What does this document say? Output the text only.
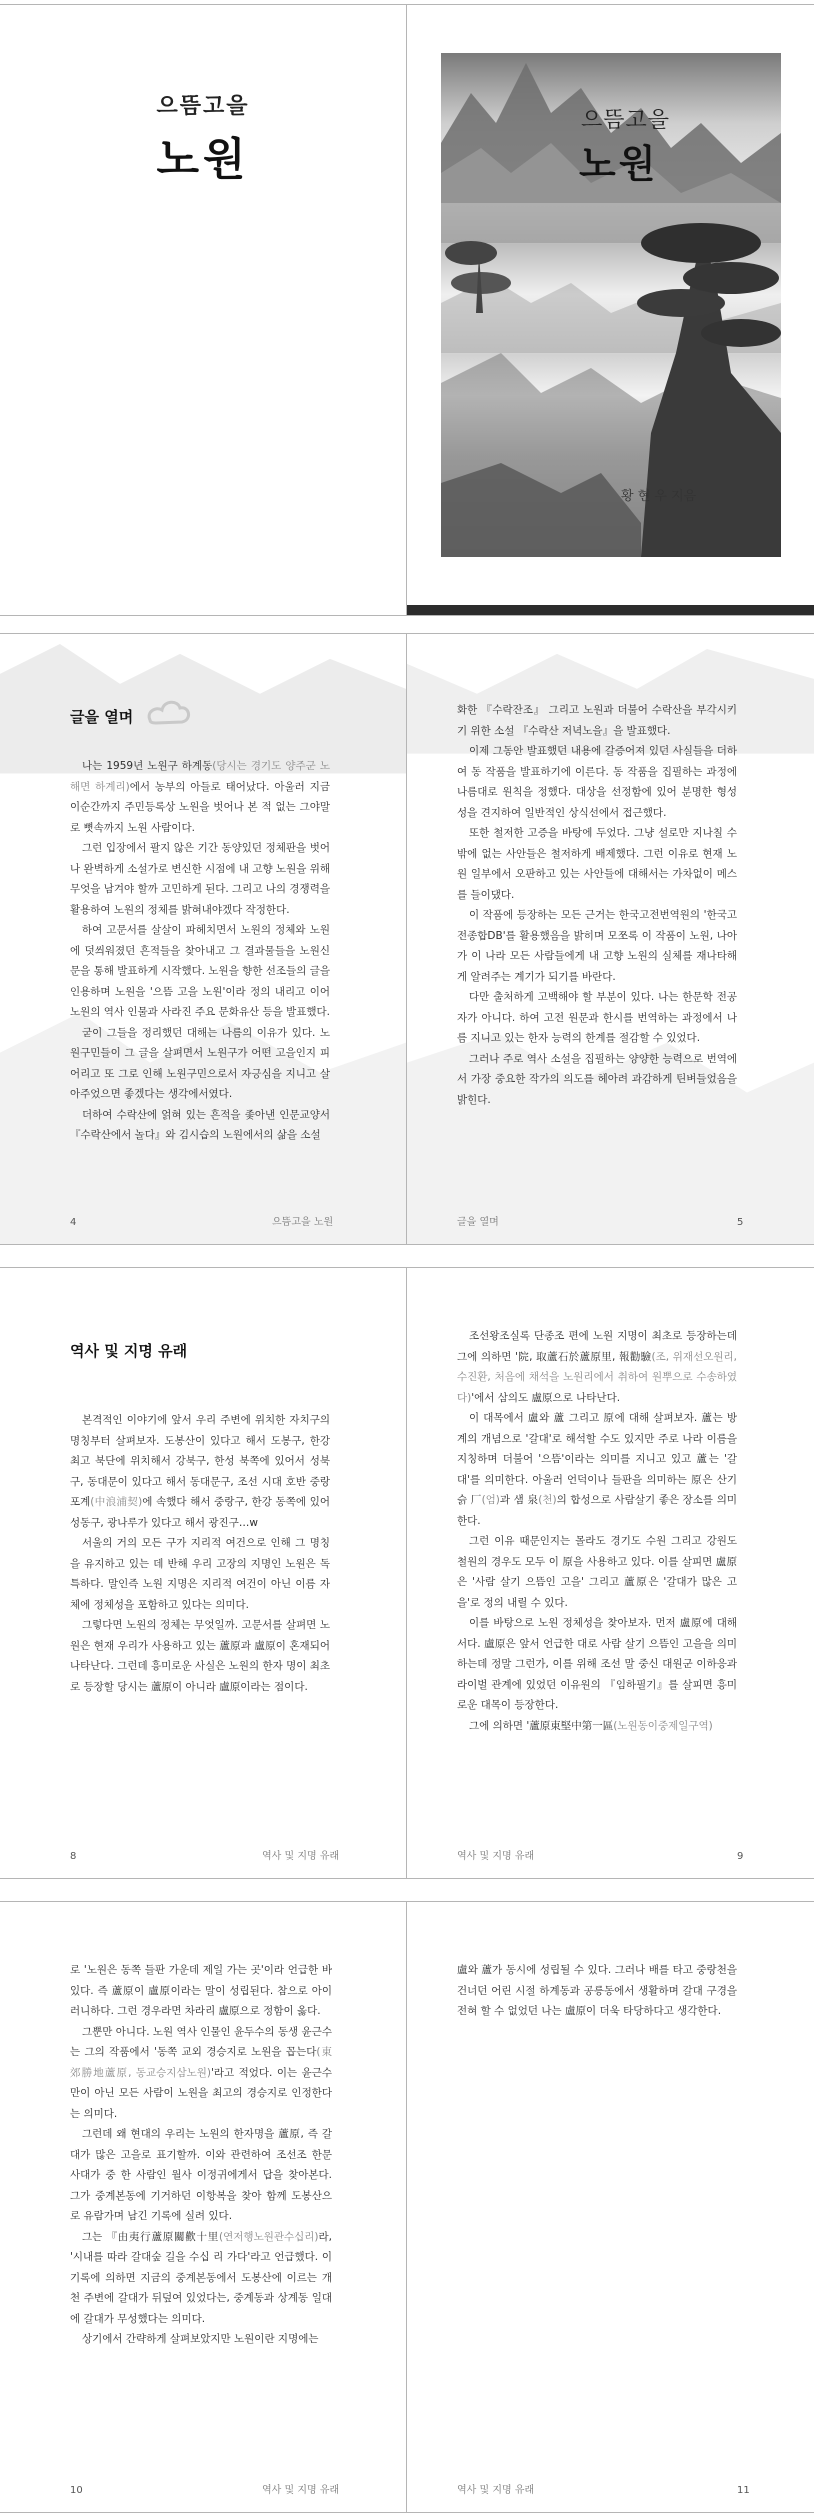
으뜸고을
노원
으뜸고을
노원
황 현 우 지음
글을 열며

나는 1959년 노원구 하계동(당시는 경기도 양주군 노해면 하계리)에서 농부의 아들로 태어났다. 아울러 지금 이순간까지 주민등록상 노원을 벗어나 본 적 없는 그야말로 뼛속까지 노원 사람이다.

그런 입장에서 팔지 않은 기간 동양있던 정체판을 벗어나 완벽하게 소설가로 변신한 시점에 내 고향 노원을 위해 무엇을 남겨야 할까 고민하게 된다. 그리고 나의 경쟁력을 활용하여 노원의 정체를 밝혀내야겠다 작정한다.

하여 고문서를 살살이 파헤치면서 노원의 정체와 노원에 덧씌워졌던 흔적들을 찾아내고 그 결과물들을 노원신문을 통해 발표하게 시작했다. 노원을 향한 선조들의 글을 인용하며 노원을 '으뜸 고을 노원'이라 정의 내리고 이어 노원의 역사 인물과 사라진 주요 문화유산 등을 발표했다.

굳이 그들을 정리했던 대해는 나름의 이유가 있다. 노원구민들이 그 글을 살펴면서 노원구가 어떤 고을인지 피어리고 또 그로 인해 노원구민으로서 자긍심을 지니고 살아주었으면 좋겠다는 생각에서였다.

더하여 수락산에 얽혀 있는 흔적을 좇아낸 인문교양서 『수락산에서 놀다』와 김시습의 노원에서의 삶을 소설

4	으뜸고을 노원

화한 『수락잔조』 그리고 노원과 더불어 수락산을 부각시키기 위한 소설 『수락산 저녁노을』을 발표했다.

이제 그동안 발표했던 내용에 갈증어져 있던 사실들을 더하여 동 작품을 발표하기에 이른다. 동 작품을 집필하는 과정에 나름대로 원칙을 정했다. 대상을 선정함에 있어 분명한 형성성을 견지하여 일반적인 상식선에서 접근했다.

또한 철저한 고증을 바탕에 두었다. 그냥 설로만 지나칠 수밖에 없는 사안들은 철저하게 배제했다. 그런 이유로 현재 노원 일부에서 오판하고 있는 사안들에 대해서는 가차없이 메스를 들이댔다.

이 작품에 등장하는 모든 근거는 한국고전번역원의 '한국고전종합DB'를 활용했음을 밝히며 모쪼록 이 작품이 노원, 나아가 이 나라 모든 사람들에게 내 고향 노원의 실체를 재나타해게 알려주는 계기가 되기를 바란다.

다만 출처하게 고백해야 할 부분이 있다. 나는 한문학 전공자가 아니다. 하여 고전 원문과 한시를 번역하는 과정에서 나름 지니고 있는 한자 능력의 한계를 절감할 수 있었다.

그러나 주로 역사 소설을 집필하는 양양한 능력으로 번역에서 가장 중요한 작가의 의도를 헤아려 과감하게 틴벼들었음을 밝힌다.

글을 열며	5
역사 및 지명 유래

본격적인 이야기에 앞서 우리 주변에 위치한 자치구의 명칭부터 살펴보자. 도봉산이 있다고 해서 도봉구, 한강 최고 북단에 위치해서 강북구, 한성 북쪽에 있어서 성북구, 동대문이 있다고 해서 동대문구, 조선 시대 호반 중랑포계(中浪浦契)에 속했다 해서 중랑구, 한강 동쪽에 있어 성동구, 광나루가 있다고 해서 광진구…w

서울의 거의 모든 구가 지리적 여건으로 인해 그 명칭을 유지하고 있는 데 반해 우리 고장의 지명인 노원은 독특하다. 말인즉 노원 지명은 지리적 여건이 아닌 이름 자체에 정체성을 포함하고 있다는 의미다.

그렇다면 노원의 정체는 무엇일까. 고문서를 살펴면 노원은 현재 우리가 사용하고 있는 蘆原과 盧原이 혼재되어 나타난다. 그런데 흥미로운 사실은 노원의 한자 명이 최초로 등장할 당시는 蘆原이 아니라 盧原이라는 점이다.

8	역사 및 지명 유래

조선왕조실록 단종조 편에 노원 지명이 최초로 등장하는데 그에 의하면 '院, 取蘆石於蘆原里, 報勸驗(조, 위재선오원리, 수진환, 처음에 채석을 노원리에서 취하여 원뿌으로 수송하였다)'에서 삼의도 盧原으로 나타난다.

이 대목에서 盧와 蘆 그리고 原에 대해 살펴보자. 蘆는 방계의 개념으로 '갈대'로 해석할 수도 있지만 주로 나라 이름을 지칭하며 더불어 '으뜸'이라는 의미를 지니고 있고 蘆는 '갈대'를 의미한다. 아울러 언덕이나 들판을 의미하는 原은 산기슭 厂(엄)과 샘 泉(천)의 합성으로 사람살기 좋은 장소를 의미한다.

그런 이유 때문인지는 몰라도 경기도 수원 그리고 강원도 철원의 경우도 모두 이 原을 사용하고 있다. 이를 살피면 盧原은 '사람 살기 으뜸인 고을' 그리고 蘆原은 '갈대가 많은 고을'로 정의 내릴 수 있다.

이를 바탕으로 노원 정체성을 찾아보자. 먼저 盧原에 대해서다. 盧原은 앞서 언급한 대로 사람 살기 으뜸인 고을을 의미하는데 정말 그런가, 이를 위해 조선 말 중신 대원군 이하응과 라이벌 관계에 있었던 이유원의 『임하필기』를 살피면 흥미로운 대목이 등장한다.

그에 의하면 '蘆原東堅中第一區(노원동이중제일구역)

역사 및 지명 유래	9

로 '노원은 동쪽 들판 가운데 제일 가는 곳'이라 언급한 바 있다. 즉 蘆原이 盧原이라는 말이 성립된다. 참으로 아이러니하다. 그런 경우라면 차라리 盧原으로 정함이 옳다.

그뿐만 아니다. 노원 역사 인물인 윤두수의 동생 윤근수는 그의 작품에서 '동쪽 교외 경승지로 노원을 꼽는다(東郊勝地蘆原, 동교승지삼노원)'라고 적었다. 이는 윤근수만이 아닌 모든 사람이 노원을 최고의 경승지로 인정한다는 의미다.

그런데 왜 현대의 우리는 노원의 한자명을 蘆原, 즉 갈대가 많은 고을로 표기할까. 이와 관련하여 조선조 한문 사대가 중 한 사람인 월사 이정귀에게서 답을 찾아본다. 그가 중계본동에 기거하던 이항복을 찾아 함께 도봉산으로 유람가며 남긴 기록에 실려 있다.

그는 『由夷行蘆原關歡十里(연저행노원관수십리)라, '시내를 따라 갈대숲 길을 수십 리 가다'라고 언급했다. 이 기록에 의하면 지금의 중계본동에서 도봉산에 이르는 개천 주변에 갈대가 뒤덮여 있었다는, 중계동과 상계동 일대에 갈대가 무성했다는 의미다.

상기에서 간략하게 살펴보았지만 노원이란 지명에는

10	역사 및 지명 유래

盧와 蘆가 동시에 성립될 수 있다. 그러나 배를 타고 중랑천을 건너던 어린 시절 하계동과 공릉동에서 생활하며 갈대 구경을 전혀 할 수 없었던 나는 盧原이 더욱 타당하다고 생각한다.

역사 및 지명 유래	11
